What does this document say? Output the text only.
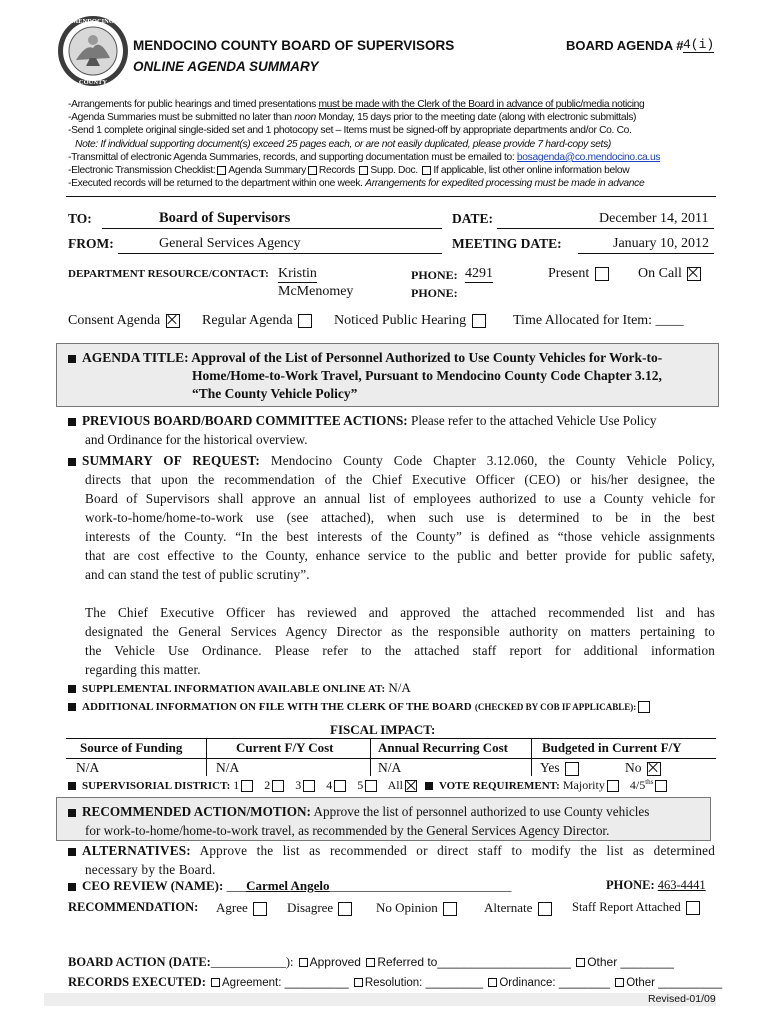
MENDOCINO
COUNTY
MENDOCINO COUNTY BOARD OF SUPERVISORS
ONLINE AGENDA SUMMARY
BOARD AGENDA # 4(i)
-Arrangements for public hearings and timed presentations must be made with the Clerk of the Board in advance of public/media noticing
-Agenda Summaries must be submitted no later than noon Monday, 15 days prior to the meeting date (along with electronic submittals)
-Send 1 complete original single-sided set and 1 photocopy set – Items must be signed-off by appropriate departments and/or Co. Co.
Note: If individual supporting document(s) exceed 25 pages each, or are not easily duplicated, please provide 7 hard-copy sets)
-Transmittal of electronic Agenda Summaries, records, and supporting documentation must be emailed to: bosagenda@co.mendocino.ca.us
-Electronic Transmission Checklist: Agenda Summary Records Supp. Doc. If applicable, list other online information below
-Executed records will be returned to the department within one week. Arrangements for expedited processing must be made in advance
TO:	Board of Supervisors	DATE:	December 14, 2011
FROM:	General Services Agency	MEETING DATE:	January 10, 2012
DEPARTMENT RESOURCE/CONTACT: Kristin
McMenomey
PHONE: 4291
PHONE:
Present	On Call
Consent Agenda	Regular Agenda	Noticed Public Hearing	Time Allocated for Item: ____
AGENDA TITLE: Approval of the List of Personnel Authorized to Use County Vehicles for Work-to-
Home/Home-to-Work Travel, Pursuant to Mendocino County Code Chapter 3.12,
“The County Vehicle Policy”
PREVIOUS BOARD/BOARD COMMITTEE ACTIONS: Please refer to the attached Vehicle Use Policy
and Ordinance for the historical overview.
SUMMARY OF REQUEST: Mendocino County Code Chapter 3.12.060, the County Vehicle Policy,
directs that upon the recommendation of the Chief Executive Officer (CEO) or his/her designee, the
Board of Supervisors shall approve an annual list of employees authorized to use a County vehicle for
work-to-home/home-to-work use (see attached), when such use is determined to be in the best
interests of the County. “In the best interests of the County” is defined as “those vehicle assignments
that are cost effective to the County, enhance service to the public and better provide for public safety,
and can stand the test of public scrutiny”.
The Chief Executive Officer has reviewed and approved the attached recommended list and has
designated the General Services Agency Director as the responsible authority on matters pertaining to
the Vehicle Use Ordinance. Please refer to the attached staff report for additional information
regarding this matter.
SUPPLEMENTAL INFORMATION AVAILABLE ONLINE AT: N/A
ADDITIONAL INFORMATION ON FILE WITH THE CLERK OF THE BOARD (CHECKED BY COB IF APPLICABLE):
FISCAL IMPACT:
Source of Funding	Current F/Y Cost	Annual Recurring Cost	Budgeted in Current F/Y
N/A	N/A	N/A	Yes	No
SUPERVISORIAL DISTRICT: 1 2 3 4 5 All	VOTE REQUIREMENT: Majority $4/5^{ths}$
RECOMMENDED ACTION/MOTION: Approve the list of personnel authorized to use County vehicles
for work-to-home/home-to-work travel, as recommended by the General Services Agency Director.
ALTERNATIVES: Approve the list as recommended or direct staff to modify the list as determined
necessary by the Board.
CEO REVIEW (NAME): ___Carmel Angelo____________________________	PHONE: 463-4441
RECOMMENDATION: Agree	Disagree	No Opinion	Alternate	Staff Report Attached
BOARD ACTION (DATE:____________): Approved Referred to____________________ Other ________
RECORDS EXECUTED: Agreement: __________ Resolution: _________ Ordinance: ________ Other __________
Revised-01/09
